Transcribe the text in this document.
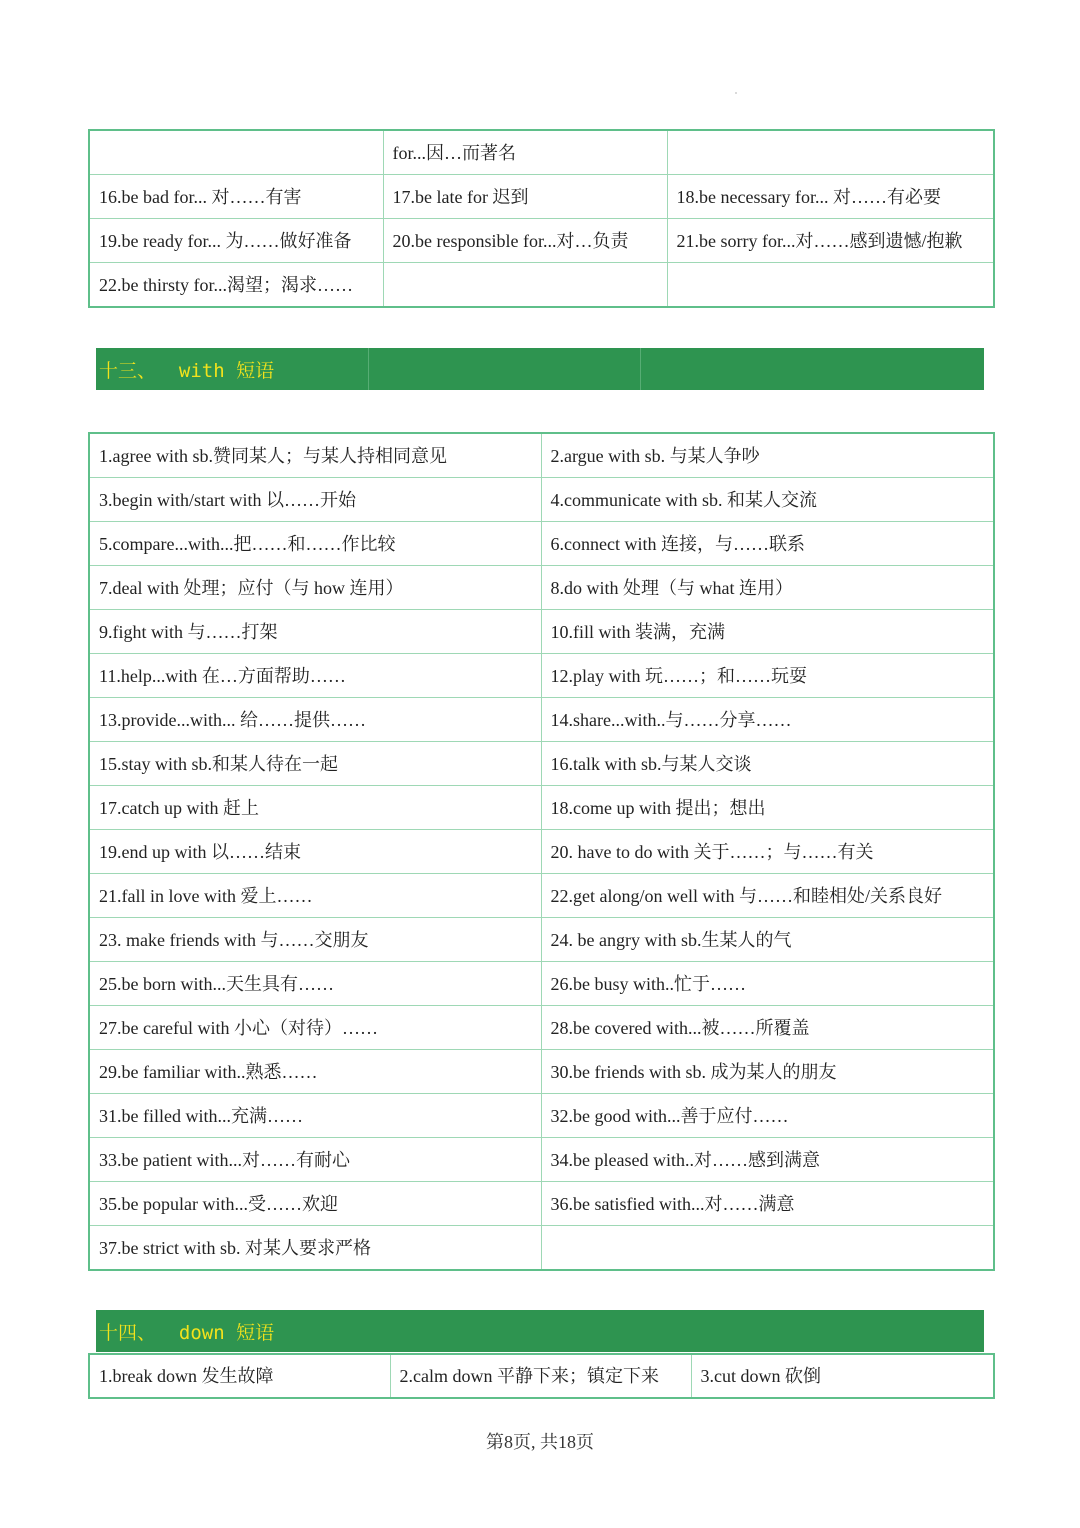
	for...因…而著名	
16.be bad for... 对……有害	17.be late for 迟到	18.be necessary for... 对……有必要
19.be ready for... 为……做好准备	20.be responsible for...对…负责	21.be sorry for...对……感到遗憾/抱歉
22.be thirsty for...渴望；渴求……		
十三、  with 短语
1.agree with sb.赞同某人；与某人持相同意见	2.argue with sb. 与某人争吵
3.begin with/start with 以……开始	4.communicate with sb. 和某人交流
5.compare...with...把……和……作比较	6.connect with 连接，与……联系
7.deal with 处理；应付（与 how 连用）	8.do with 处理（与 what 连用）
9.fight with 与……打架	10.fill with 装满，充满
11.help...with 在…方面帮助……	12.play with 玩……；和……玩耍
13.provide...with... 给……提供……	14.share...with..与……分享……
15.stay with sb.和某人待在一起	16.talk with sb.与某人交谈
17.catch up with 赶上	18.come up with 提出；想出
19.end up with 以……结束	20. have to do with 关于……；与……有关
21.fall in love with 爱上……	22.get along/on well with 与……和睦相处/关系良好
23. make friends with 与……交朋友	24. be angry with sb.生某人的气
25.be born with...天生具有……	26.be busy with..忙于……
27.be careful with 小心（对待）……	28.be covered with...被……所覆盖
29.be familiar with..熟悉……	30.be friends with sb. 成为某人的朋友
31.be filled with...充满……	32.be good with...善于应付……
33.be patient with...对……有耐心	34.be pleased with..对……感到满意
35.be popular with...受……欢迎	36.be satisfied with...对……满意
37.be strict with sb. 对某人要求严格	
十四、  down 短语
1.break down 发生故障	2.calm down 平静下来；镇定下来	3.cut down 砍倒
第8页, 共18页
